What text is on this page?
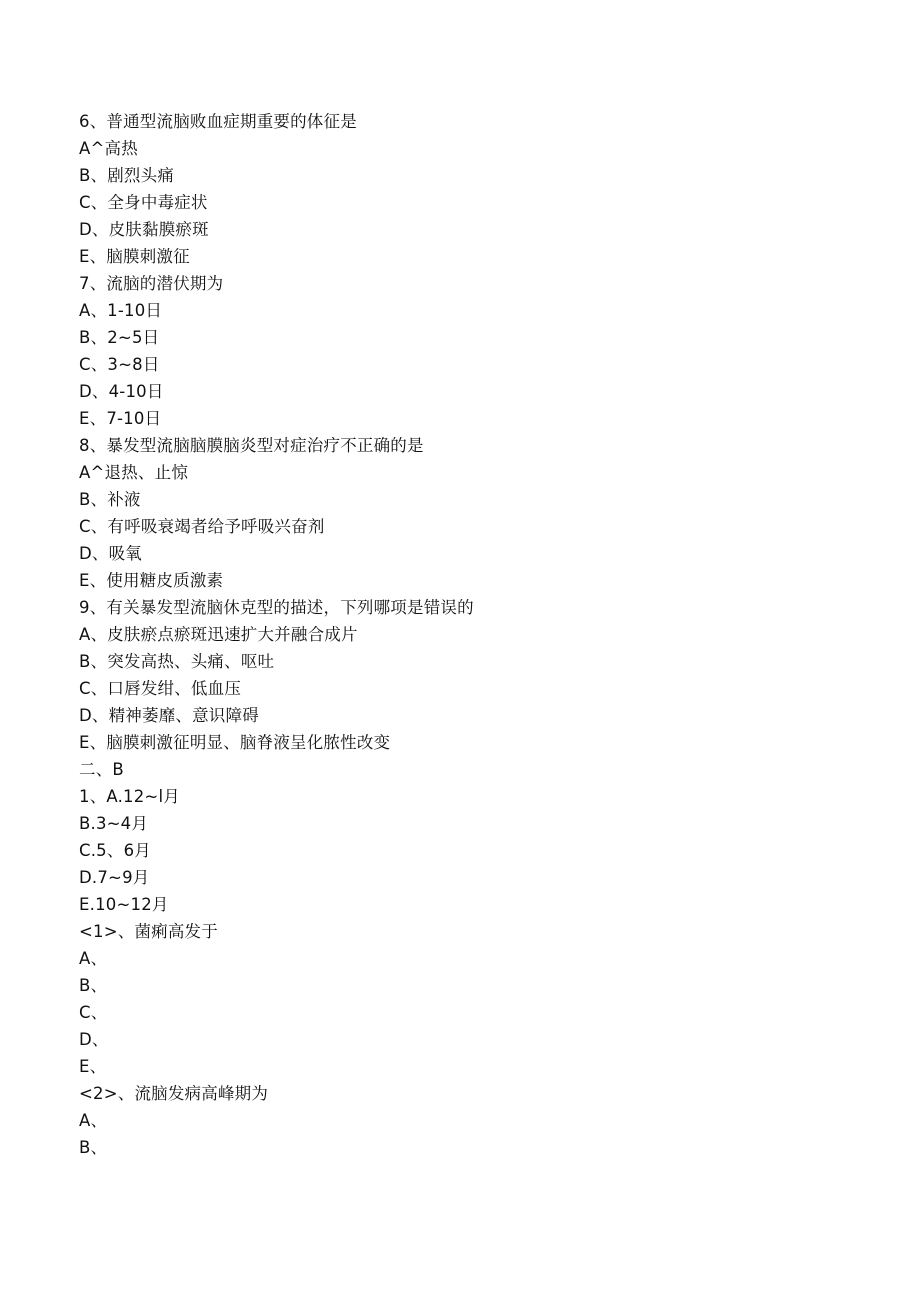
6、普通型流脑败血症期重要的体征是
A^高热
B、剧烈头痛
C、全身中毒症状
D、皮肤黏膜瘀斑
E、脑膜刺激征
7、流脑的潜伏期为
A、1-10日
B、2~5日
C、3~8日
D、4-10日
E、7-10日
8、暴发型流脑脑膜脑炎型对症治疗不正确的是
A^退热、止惊
B、补液
C、有呼吸衰竭者给予呼吸兴奋剂
D、吸氧
E、使用糖皮质激素
9、有关暴发型流脑休克型的描述，下列哪项是错误的
A、皮肤瘀点瘀斑迅速扩大并融合成片
B、突发高热、头痛、呕吐
C、口唇发绀、低血压
D、精神萎靡、意识障碍
E、脑膜刺激征明显、脑脊液呈化脓性改变
二、B
1、A.12~l月
B.3~4月
C.5、6月
D.7~9月
E.10~12月
<1>、菌痢高发于
A、
B、
C、
D、
E、
<2>、流脑发病高峰期为
A、
B、
